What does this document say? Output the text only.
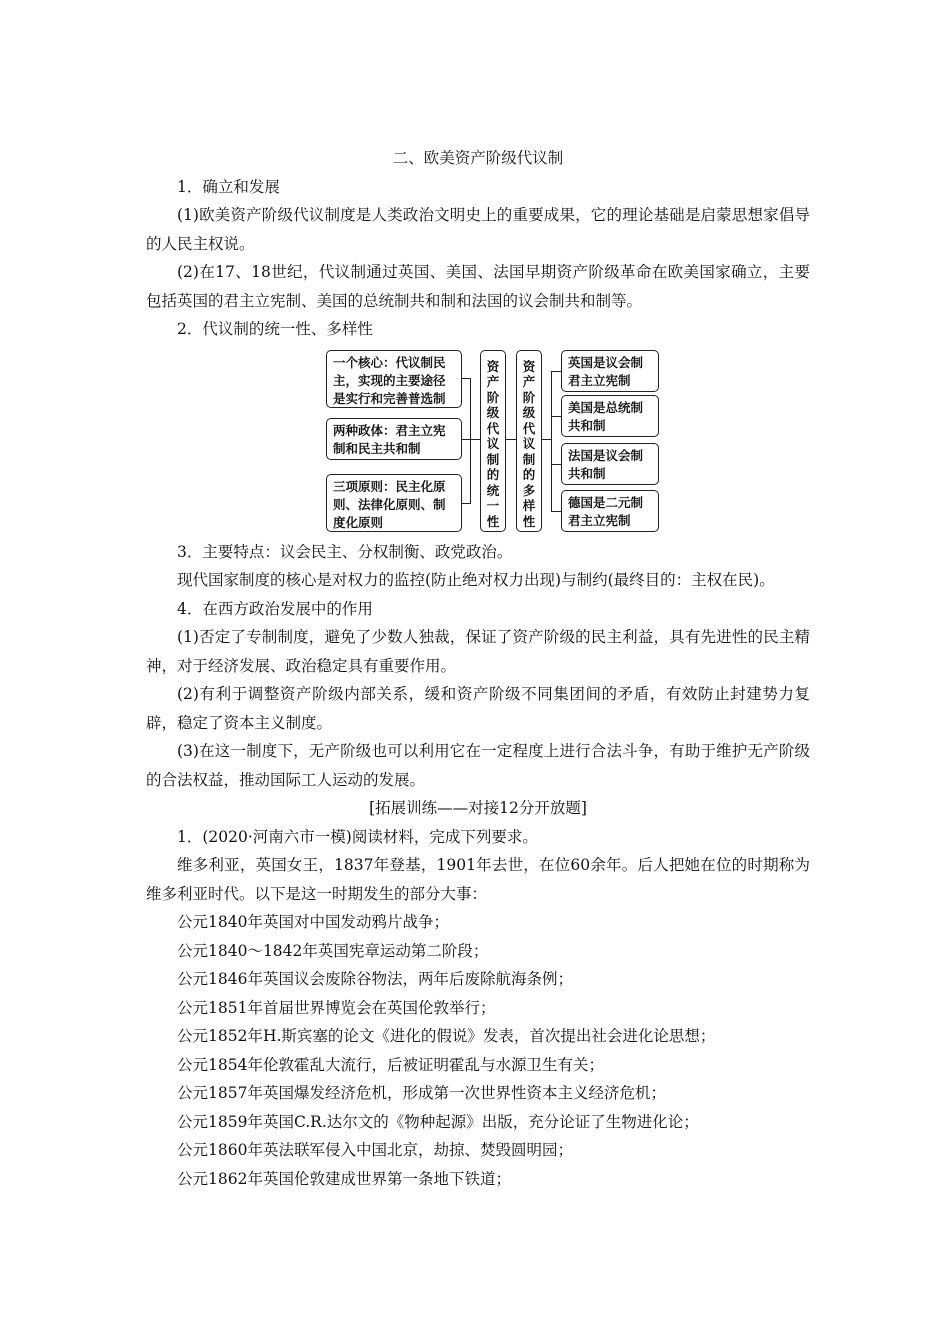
二、欧美资产阶级代议制

1．确立和发展

(1)欧美资产阶级代议制度是人类政治文明史上的重要成果，它的理论基础是启蒙思想家倡导的人民主权说。

(2)在17、18世纪，代议制通过英国、美国、法国早期资产阶级革命在欧美国家确立，主要包括英国的君主立宪制、美国的总统制共和制和法国的议会制共和制等。

2．代议制的统一性、多样性

一个核心：代议制民主，实现的主要途径是实行和完善普选制
两种政体：君主立宪制和民主共和制
三项原则：民主化原则、法律化原则、制度化原则
资
产
阶
级
代
议
制
的
统
一
性
资
产
阶
级
代
议
制
的
多
样
性
英国是议会制君主立宪制
美国是总统制共和制
法国是议会制共和制
德国是二元制君主立宪制

3．主要特点：议会民主、分权制衡、政党政治。

现代国家制度的核心是对权力的监控(防止绝对权力出现)与制约(最终目的：主权在民)。

4．在西方政治发展中的作用

(1)否定了专制制度，避免了少数人独裁，保证了资产阶级的民主利益，具有先进性的民主精神，对于经济发展、政治稳定具有重要作用。

(2)有利于调整资产阶级内部关系，缓和资产阶级不同集团间的矛盾，有效防止封建势力复辟，稳定了资本主义制度。

(3)在这一制度下，无产阶级也可以利用它在一定程度上进行合法斗争，有助于维护无产阶级的合法权益，推动国际工人运动的发展。

[拓展训练——对接12分开放题]

1．(2020·河南六市一模)阅读材料，完成下列要求。

维多利亚，英国女王，1837年登基，1901年去世，在位60余年。后人把她在位的时期称为维多利亚时代。以下是这一时期发生的部分大事：

公元1840年英国对中国发动鸦片战争；

公元1840～1842年英国宪章运动第二阶段；

公元1846年英国议会废除谷物法，两年后废除航海条例；

公元1851年首届世界博览会在英国伦敦举行；

公元1852年H.斯宾塞的论文《进化的假说》发表，首次提出社会进化论思想；

公元1854年伦敦霍乱大流行，后被证明霍乱与水源卫生有关；

公元1857年英国爆发经济危机，形成第一次世界性资本主义经济危机；

公元1859年英国C.R.达尔文的《物种起源》出版，充分论证了生物进化论；

公元1860年英法联军侵入中国北京，劫掠、焚毁圆明园；

公元1862年英国伦敦建成世界第一条地下铁道；
